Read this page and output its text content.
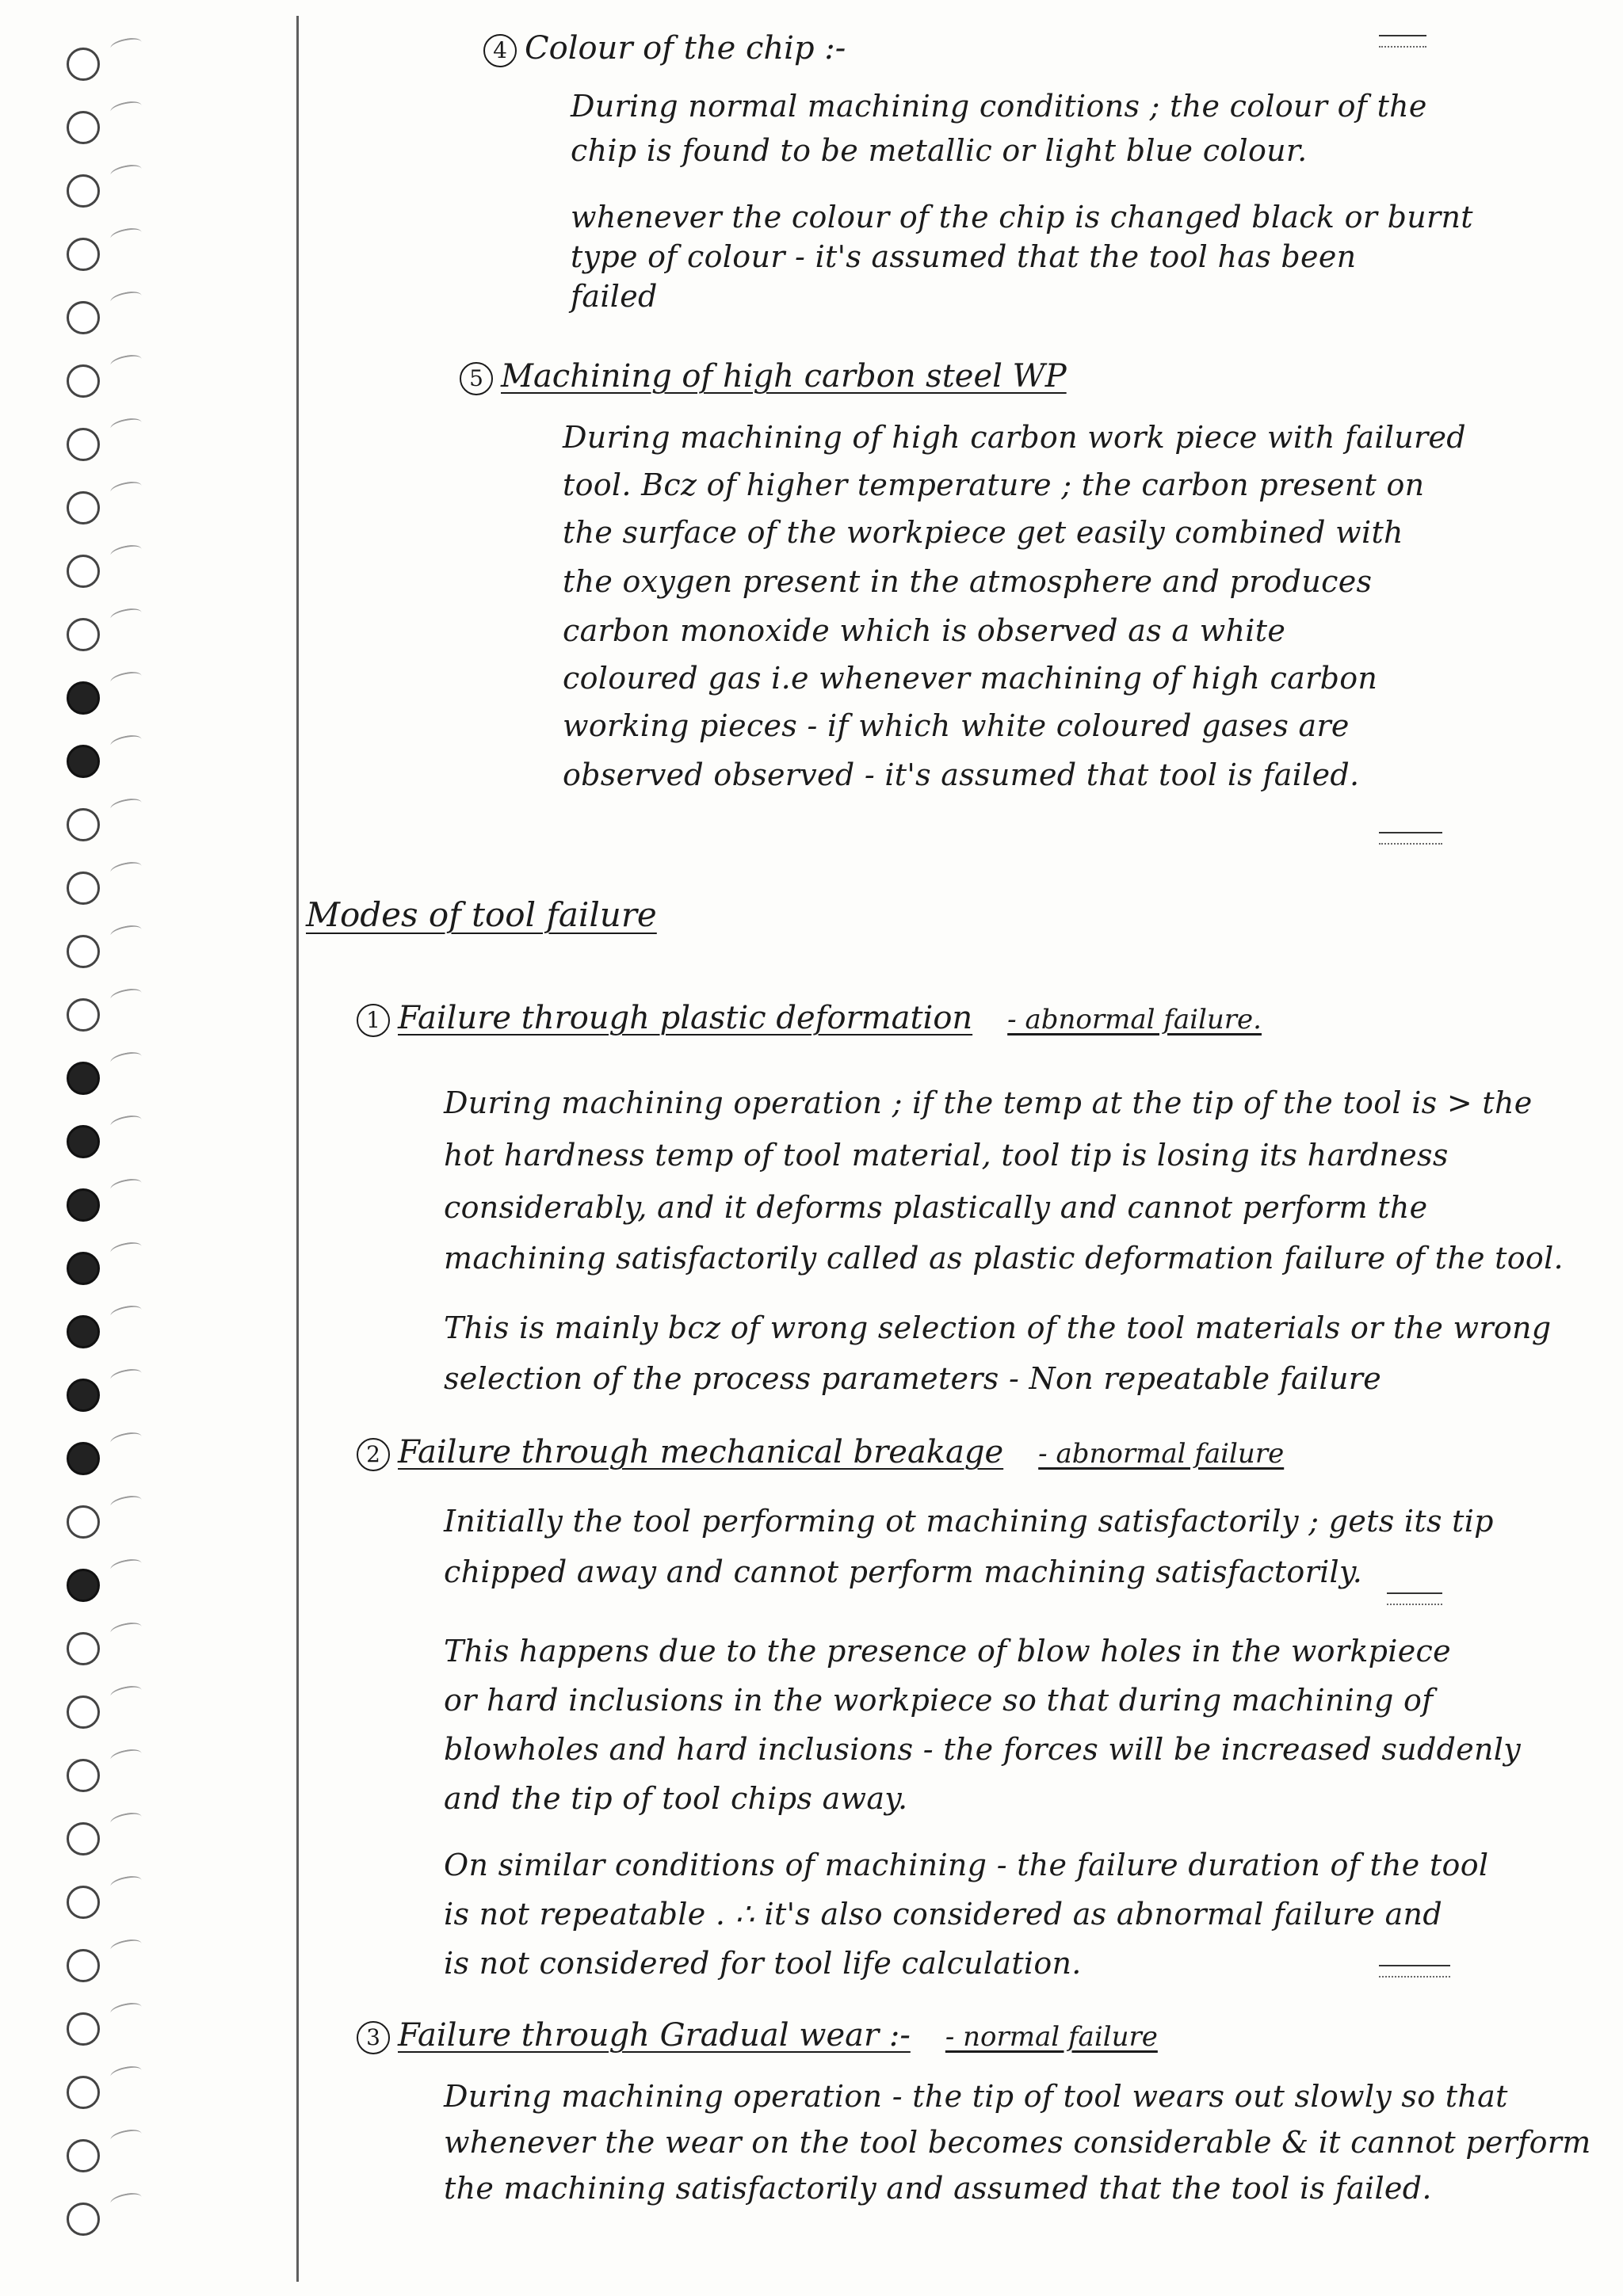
4 Colour of the chip :-
During normal machining conditions ; the colour of the
chip is found to be metallic or light blue colour.
whenever the colour of the chip is changed black or burnt
type of colour - it's assumed that the tool has been
failed
5 Machining of high carbon steel WP
During machining of high carbon work piece with failured
tool. Bcz of higher temperature ; the carbon present on
the surface of the workpiece get easily combined with
the oxygen present in the atmosphere and produces
carbon monoxide which is observed as a white
coloured gas i.e whenever machining of high carbon
working pieces - if which white coloured gases are
observed observed - it's assumed that tool is failed.
Modes of tool failure
1 Failure through plastic deformation - abnormal failure.
During machining operation ; if the temp at the tip of the tool is > the
hot hardness temp of tool material, tool tip is losing its hardness
considerably, and it deforms plastically and cannot perform the
machining satisfactorily called as plastic deformation failure of the tool.
This is mainly bcz of wrong selection of the tool materials or the wrong
selection of the process parameters - Non repeatable failure
2 Failure through mechanical breakage - abnormal failure
Initially the tool performing ot machining satisfactorily ; gets its tip
chipped away and cannot perform machining satisfactorily.
This happens due to the presence of blow holes in the workpiece
or hard inclusions in the workpiece so that during machining of
blowholes and hard inclusions - the forces will be increased suddenly
and the tip of tool chips away.
On similar conditions of machining - the failure duration of the tool
is not repeatable . ∴ it's also considered as abnormal failure and
is not considered for tool life calculation.
3 Failure through Gradual wear :- - normal failure
During machining operation - the tip of tool wears out slowly so that
whenever the wear on the tool becomes considerable & it cannot perform
the machining satisfactorily and assumed that the tool is failed.
